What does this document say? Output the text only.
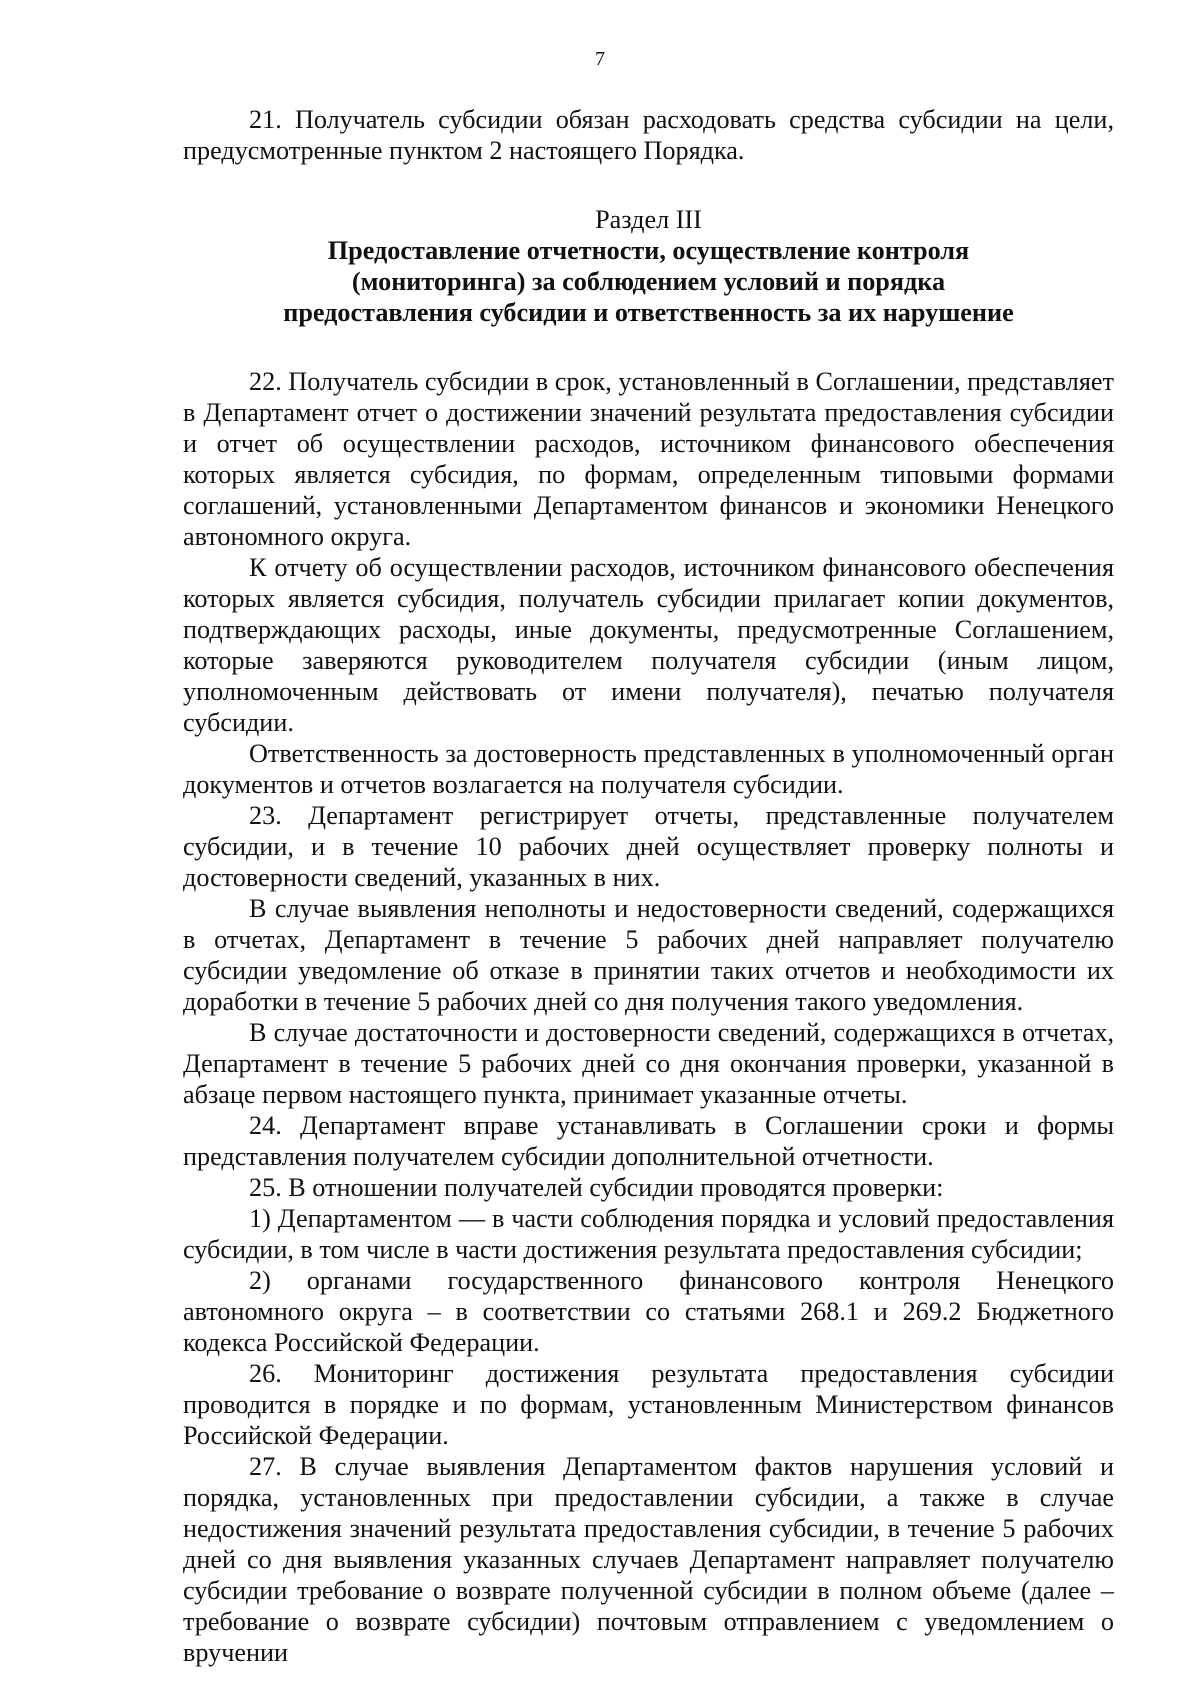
7

21. Получатель субсидии обязан расходовать средства субсидии на цели, предусмотренные пунктом 2 настоящего Порядка.

Раздел III
Предоставление отчетности, осуществление контроля
(мониторинга) за соблюдением условий и порядка
предоставления субсидии и ответственность за их нарушение

22. Получатель субсидии в срок, установленный в Соглашении, представляет в Департамент отчет о достижении значений результата предоставления субсидии и отчет об осуществлении расходов, источником финансового обеспечения которых является субсидия, по формам, определенным типовыми формами соглашений, установленными Департаментом финансов и экономики Ненецкого автономного округа.

К отчету об осуществлении расходов, источником финансового обеспечения которых является субсидия, получатель субсидии прилагает копии документов, подтверждающих расходы, иные документы, предусмотренные Соглашением, которые заверяются руководителем получателя субсидии (иным лицом, уполномоченным действовать от имени получателя), печатью получателя субсидии.

Ответственность за достоверность представленных в уполномоченный орган документов и отчетов возлагается на получателя субсидии.

23. Департамент регистрирует отчеты, представленные получателем субсидии, и в течение 10 рабочих дней осуществляет проверку полноты и достоверности сведений, указанных в них.

В случае выявления неполноты и недостоверности сведений, содержащихся в отчетах, Департамент в течение 5 рабочих дней направляет получателю субсидии уведомление об отказе в принятии таких отчетов и необходимости их доработки в течение 5 рабочих дней со дня получения такого уведомления.

В случае достаточности и достоверности сведений, содержащихся в отчетах, Департамент в течение 5 рабочих дней со дня окончания проверки, указанной в абзаце первом настоящего пункта, принимает указанные отчеты.

24. Департамент вправе устанавливать в Соглашении сроки и формы представления получателем субсидии дополнительной отчетности.

25. В отношении получателей субсидии проводятся проверки:

1) Департаментом — в части соблюдения порядка и условий предоставления субсидии, в том числе в части достижения результата предоставления субсидии;

2) органами государственного финансового контроля Ненецкого автономного округа – в соответствии со статьями 268.1 и 269.2 Бюджетного кодекса Российской Федерации.

26. Мониторинг достижения результата предоставления субсидии проводится в порядке и по формам, установленным Министерством финансов Российской Федерации.

27. В случае выявления Департаментом фактов нарушения условий и порядка, установленных при предоставлении субсидии, а также в случае недостижения значений результата предоставления субсидии, в течение 5 рабочих дней со дня выявления указанных случаев Департамент направляет получателю субсидии требование о возврате полученной субсидии в полном объеме (далее – требование о возврате субсидии) почтовым отправлением с уведомлением о вручении
